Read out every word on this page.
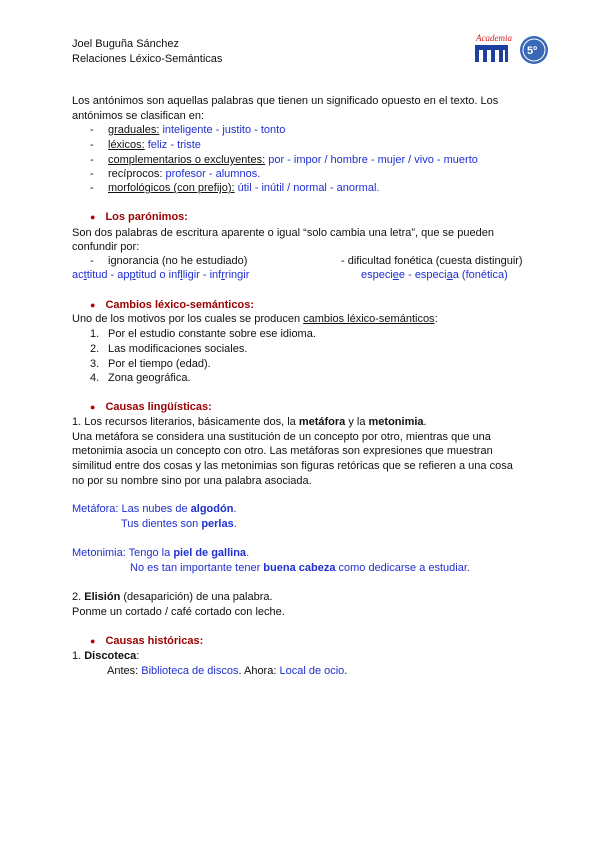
Joel Buguña Sánchez
Relaciones Léxico-Semánticas
Academia
5º
Los antónimos son aquellas palabras que tienen un significado opuesto en el texto. Los
antónimos se clasifican en:
- graduales: inteligente - justito - tonto
- léxicos: feliz - triste
- complementarios o excluyentes: por - impor / hombre - mujer / vivo - muerto
- recíprocos: profesor - alumnos.
- morfológicos (con prefijo): útil - inútil / normal - anormal.
● Los parónimos:
Son dos palabras de escritura aparente o igual “solo cambia una letra”, que se pueden
confundir por:
- ignorancia (no he estudiado)	- dificultad fonética (cuesta distinguir)
acttitud - apptitud o inflligir - infrringir	especiee - especiaa (fonética)
● Cambios léxico-semánticos:
Uno de los motivos por los cuales se producen cambios léxico-semánticos:
1. Por el estudio constante sobre ese idioma.
2. Las modificaciones sociales.
3. Por el tiempo (edad).
4. Zona geográfica.
● Causas lingüísticas:
1. Los recursos literarios, básicamente dos, la metáfora y la metonimia.
Una metáfora se considera una sustitución de un concepto por otro, mientras que una
metonimia asocia un concepto con otro. Las metáforas son expresiones que muestran
similitud entre dos cosas y las metonimias son figuras retóricas que se refieren a una cosa
no por su nombre sino por una palabra asociada.
Metáfora: Las nubes de algodón.
Tus dientes son perlas.
Metonimia: Tengo la piel de gallina.
No es tan importante tener buena cabeza como dedicarse a estudiar.
2. Elisión (desaparición) de una palabra.
Ponme un cortado / café cortado con leche.
● Causas históricas:
1. Discoteca:
Antes: Biblioteca de discos. Ahora: Local de ocio.
